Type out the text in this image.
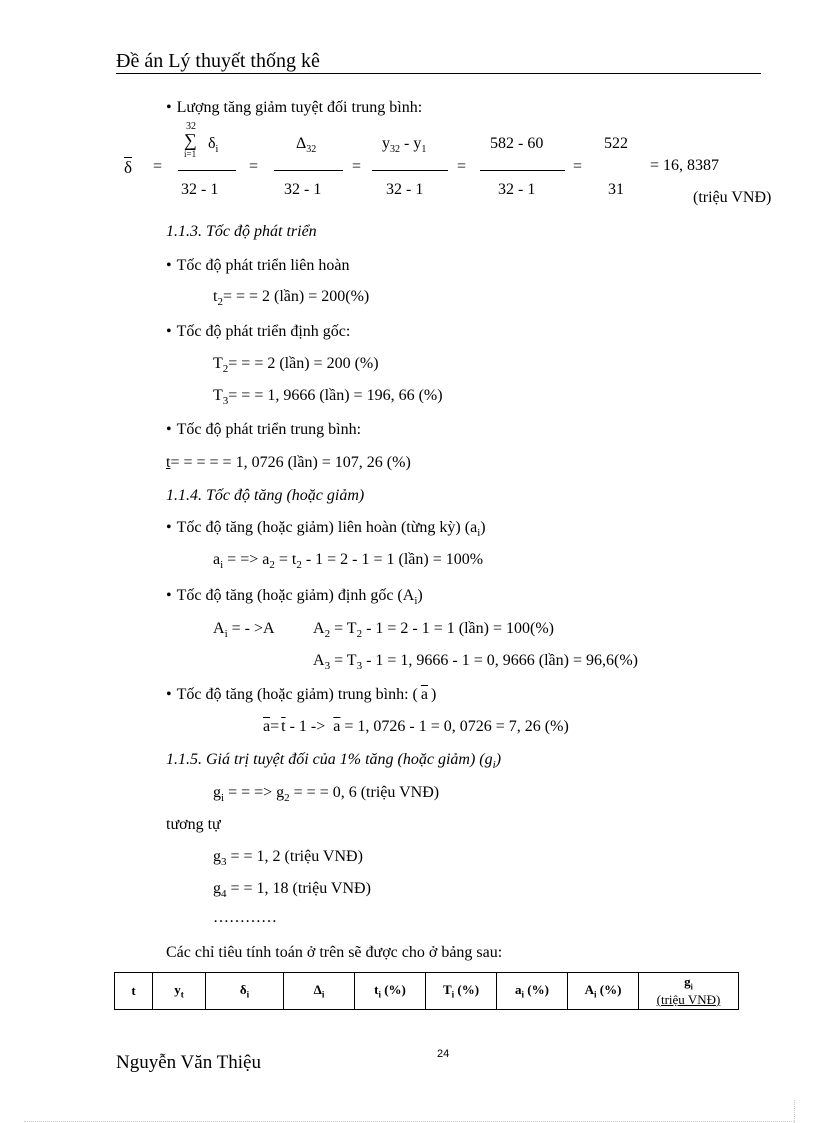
Đề án Lý thuyết thống kê
• Lượng tăng giảm tuyệt đối trung bình:
$\overline{\delta}$ =
32
∑
i=1
$\delta_i$
32 - 1
=
$\Delta_{32}$
32 - 1
=
$y_{32} - y_1$
32 - 1
=
582 - 60
32 - 1
=
522
31
= 16, 8387
(triệu VNĐ)
1.1.3. Tốc độ phát triển
• Tốc độ phát triển liên hoàn
$t_2=$ = = 2 (lần) = 200(%)
• Tốc độ phát triển định gốc:
$T_2=$ = = 2 (lần) = 200 (%)
$T_3=$ = = 1, 9666 (lần) = 196, 66 (%)
• Tốc độ phát triển trung bình:
t= = = = = 1, 0726 (lần) = 107, 26 (%)
1.1.4. Tốc độ tăng (hoặc giảm)
• Tốc độ tăng (hoặc giảm) liên hoàn (từng kỳ) $(a_i)$
$a_i$ = => $a_2 = t_2 - 1 = 2 - 1 = 1$ (lần) = 100%
• Tốc độ tăng (hoặc giảm) định gốc $(A_i)$
$A_i$ = - >A $A_2 = T_2 - 1 = 2 - 1 = 1$ (lần) = 100(%)
$A_3 = T_3 - 1 = 1$, 9666 - 1 = 0, 9666 (lần) = 96,6(%)
• Tốc độ tăng (hoặc giảm) trung bình: ( $\overline{a}$ )
$\overline{a}= \overline{t} - 1 -> \overline{a} = 1$, 0726 - 1 = 0, 0726 = 7, 26 (%)
1.1.5. Giá trị tuyệt đối của 1% tăng (hoặc giảm) $(g_i)$
$g_i$ = = => $g_2$ = = = 0, 6 (triệu VNĐ)
tương tự
$g_3$ = = 1, 2 (triệu VNĐ)
$g_4$ = = 1, 18 (triệu VNĐ)
…………
Các chỉ tiêu tính toán ở trên sẽ được cho ở bảng sau:
t	$y_t$	$\delta_i$	$\Delta_i$	$t_i$ (%)	$T_i$ (%)	$a_i$ (%)	$A_i$ (%)	
$g_i$
(triệu VNĐ)
Nguyễn Văn Thiệu	24
